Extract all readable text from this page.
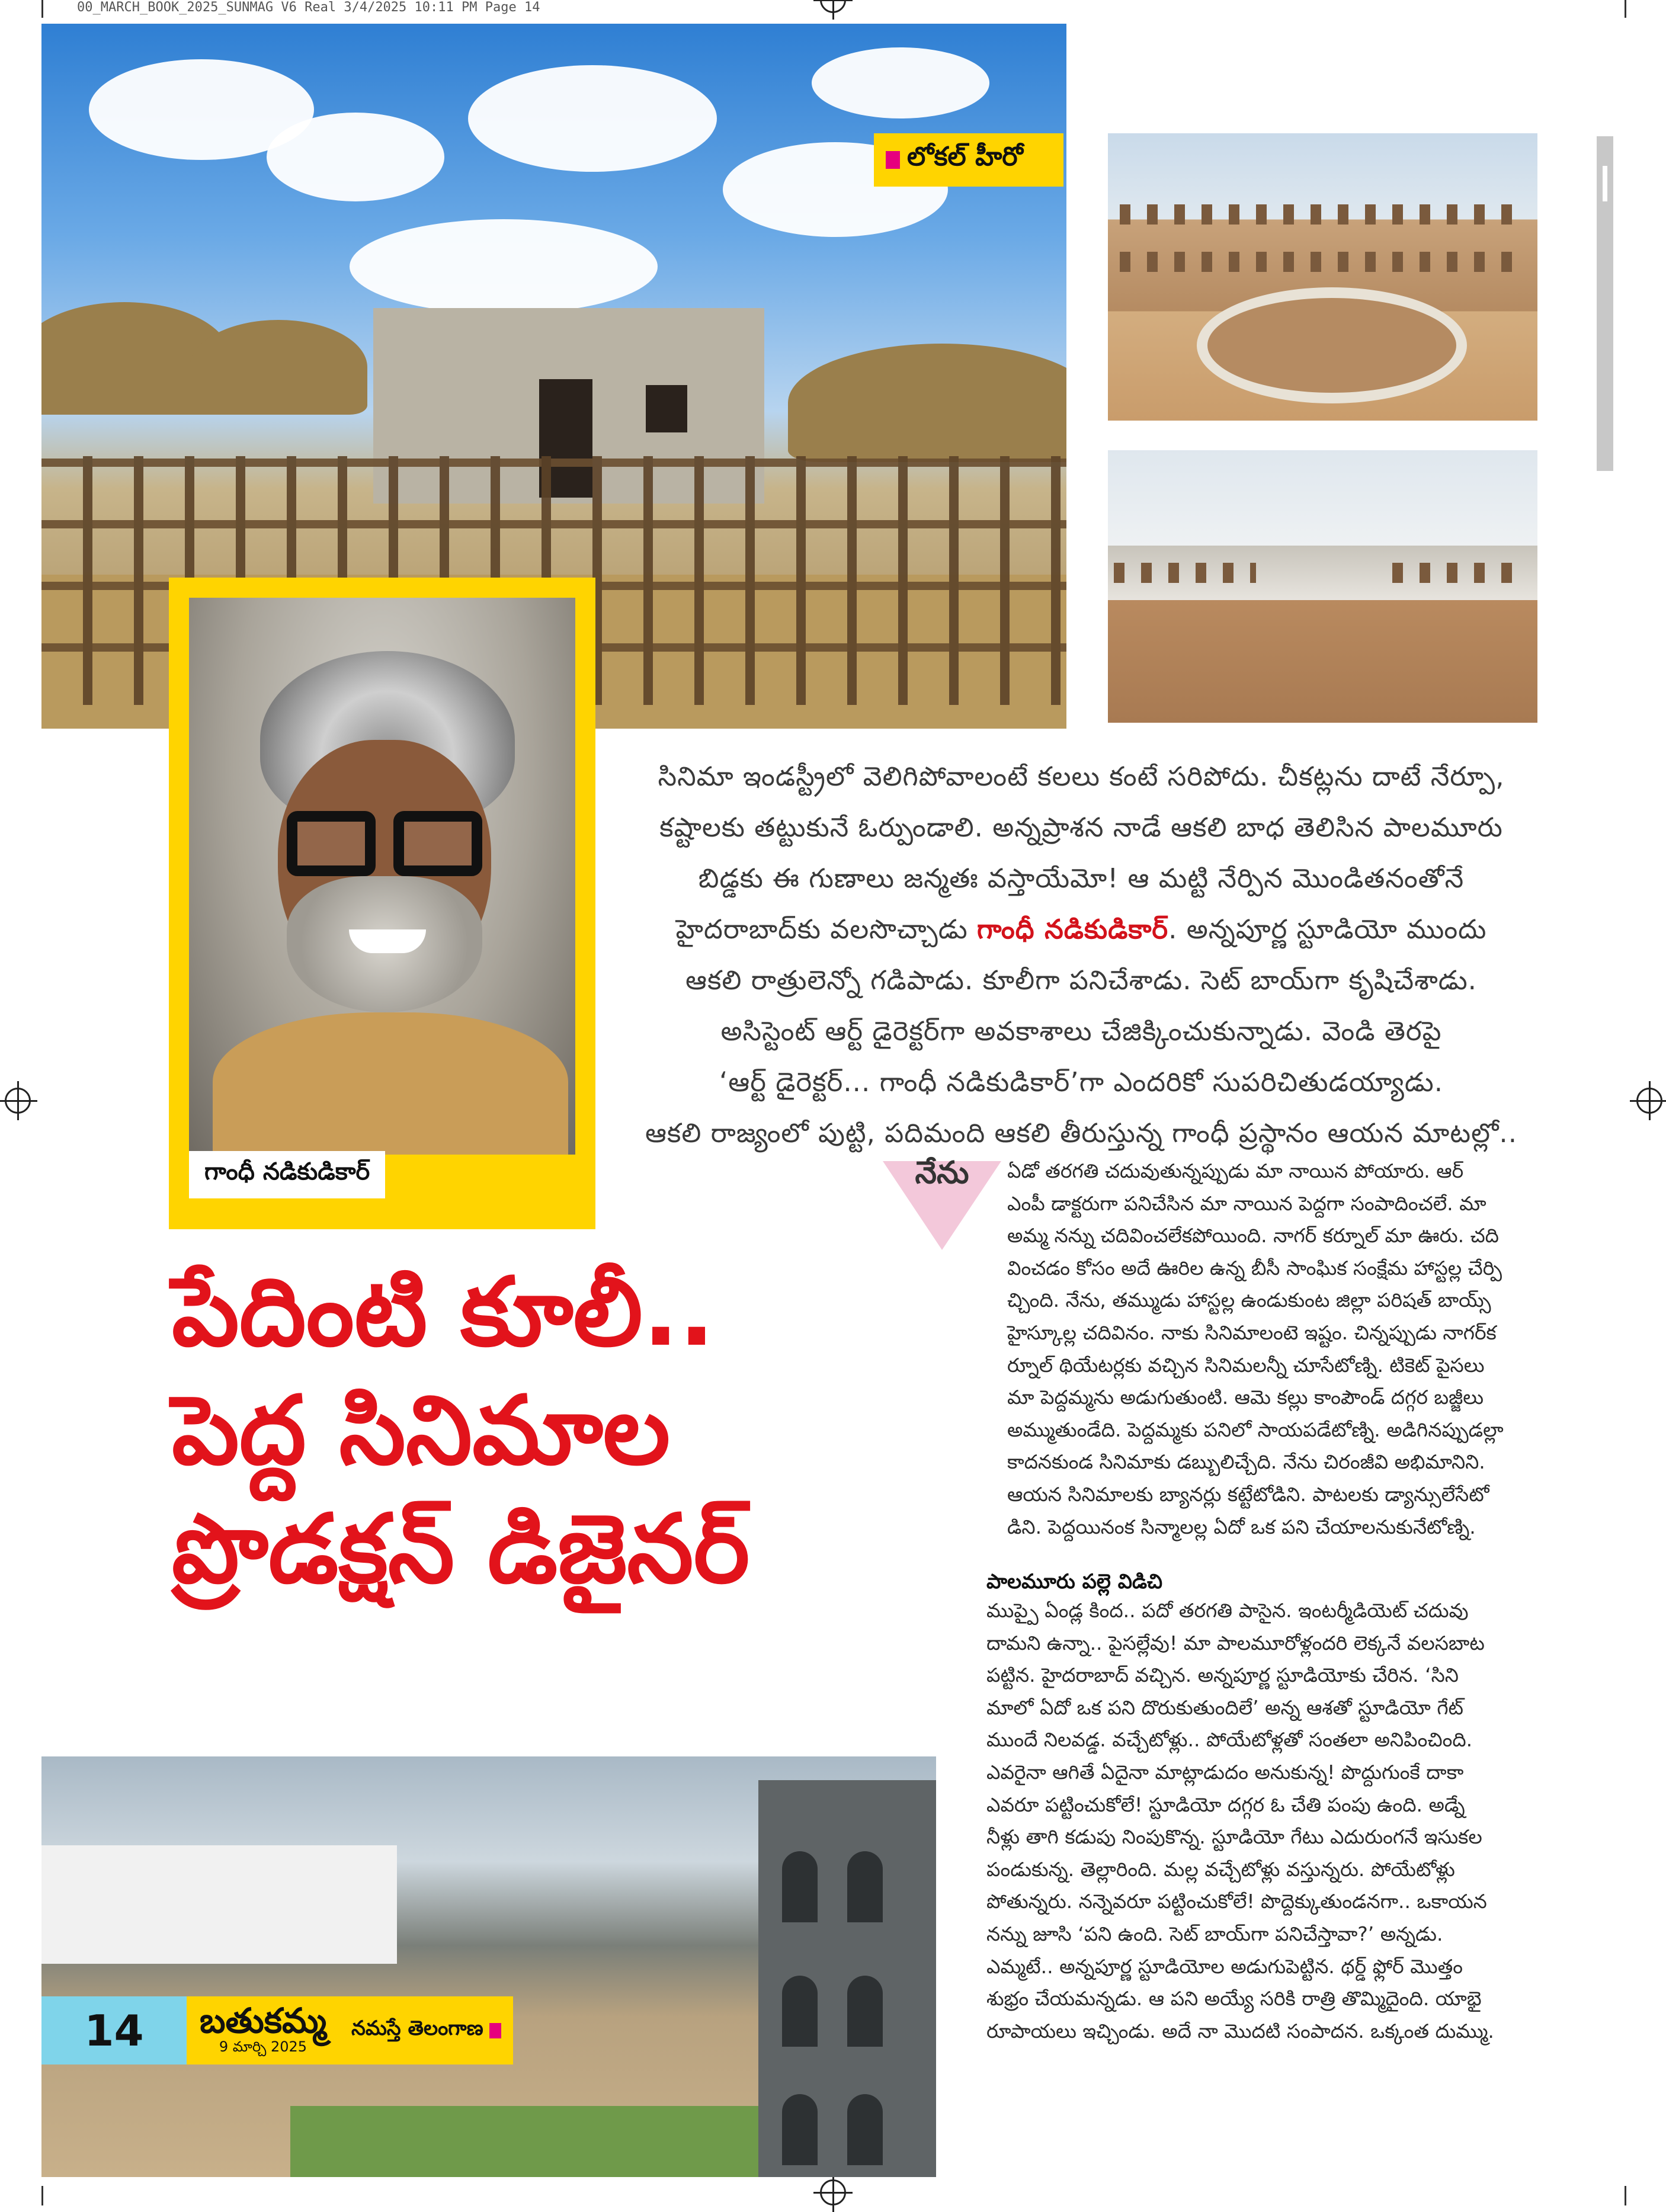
00_MARCH_BOOK_2025_SUNMAG V6 Real 3/4/2025 10:11 PM Page 14
లోకల్ హీరో
గాంధీ నడికుడికార్

సినిమా ఇండస్ట్రీలో వెలిగిపోవాలంటే కలలు కంటే సరిపోదు. చీకట్లను దాటే నేర్పూ,

కష్టాలకు తట్టుకునే ఓర్పుండాలి. అన్నప్రాశన నాడే ఆకలి బాధ తెలిసిన పాలమూరు

బిడ్డకు ఈ గుణాలు జన్మతః వస్తాయేమో! ఆ మట్టి నేర్పిన మొండితనంతోనే

హైదరాబాద్‌కు వలసొచ్చాడు గాంధీ నడికుడికార్. అన్నపూర్ణ స్టూడియో ముందు

ఆకలి రాత్రులెన్నో గడిపాడు. కూలీగా పనిచేశాడు. సెట్ బాయ్‌గా కృషిచేశాడు.

అసిస్టెంట్ ఆర్ట్ డైరెక్టర్‌గా అవకాశాలు చేజిక్కించుకున్నాడు. వెండి తెరపై

‘ఆర్ట్ డైరెక్టర్... గాంధీ నడికుడికార్’గా ఎందరికో సుపరిచితుడయ్యాడు.

ఆకలి రాజ్యంలో పుట్టి, పదిమంది ఆకలి తీరుస్తున్న గాంధీ ప్రస్థానం ఆయన మాటల్లో..

పేదింటి కూలీ..
పెద్ద సినిమాల
ప్రొడక్షన్ డిజైనర్
నేను ఏడో తరగతి చదువుతున్నప్పుడు మా నాయిన పోయారు. ఆర్

ఎంపీ డాక్టరుగా పనిచేసిన మా నాయిన పెద్దగా సంపాదించలే. మా

అమ్మ నన్ను చదివించలేకపోయింది. నాగర్ కర్నూల్ మా ఊరు. చది

వించడం కోసం అదే ఊరిల ఉన్న బీసీ సాంఘిక సంక్షేమ హాస్టల్ల చేర్పి

చ్చింది. నేను, తమ్ముడు హాస్టల్ల ఉండుకుంట జిల్లా పరిషత్ బాయ్స్

హైస్కూల్ల చదివినం. నాకు సినిమాలంటె ఇష్టం. చిన్నప్పుడు నాగర్‌క

ర్నూల్ థియేటర్లకు వచ్చిన సినిమలన్నీ చూసేటోణ్ని. టికెట్ పైసలు

మా పెద్దమ్మను అడుగుతుంటి. ఆమె కల్లు కాంపౌండ్ దగ్గర బజ్జీలు

అమ్ముతుండేది. పెద్దమ్మకు పనిలో సాయపడేటోణ్ని. అడిగినప్పుడల్లా

కాదనకుండ సినిమాకు డబ్బులిచ్చేది. నేను చిరంజీవి అభిమానిని.

ఆయన సినిమాలకు బ్యానర్లు కట్టేటోడిని. పాటలకు డ్యాన్సులేసేటో

డిని. పెద్దయినంక సిన్మాలల్ల ఏదో ఒక పని చేయాలనుకునేటోణ్ని.

పాలమూరు పల్లె విడిచి

ముప్పై ఏండ్ల కింద.. పదో తరగతి పాసైన. ఇంటర్మీడియెట్ చదువు

దామని ఉన్నా.. పైసల్లేవు! మా పాలమూరోళ్లందరి లెక్కనే వలసబాట

పట్టిన. హైదరాబాద్ వచ్చిన. అన్నపూర్ణ స్టూడియోకు చేరిన. ‘సిని

మాలో ఏదో ఒక పని దొరుకుతుందిలే’ అన్న ఆశతో స్టూడియో గేట్

ముందే నిలవడ్డ. వచ్చేటోళ్లు.. పోయేటోళ్లతో సంతలా అనిపించింది.

ఎవరైనా ఆగితే ఏదైనా మాట్లాడుదం అనుకున్న! పొద్దుగుంకే దాకా

ఎవరూ పట్టించుకోలే! స్టూడియో దగ్గర ఓ చేతి పంపు ఉంది. అడ్నే

నీళ్లు తాగి కడుపు నింపుకొన్న. స్టూడియో గేటు ఎదురుంగనే ఇసుకల

పండుకున్న. తెల్లారింది. మల్ల వచ్చేటోళ్లు వస్తున్నరు. పోయేటోళ్లు

పోతున్నరు. నన్నెవరూ పట్టించుకోలే! పొద్దెక్కుతుండనగా.. ఒకాయన

నన్ను జూసి ‘పని ఉంది. సెట్ బాయ్‌గా పనిచేస్తావా?’ అన్నడు.

ఎమ్మటే.. అన్నపూర్ణ స్టూడియోల అడుగుపెట్టిన. థర్డ్ ఫ్లోర్ మొత్తం

శుభ్రం చేయమన్నడు. ఆ పని అయ్యే సరికి రాత్రి తొమ్మిదైంది. యాభై

రూపాయలు ఇచ్చిండు. అదే నా మొదటి సంపాదన. ఒక్కంత దుమ్ము.

14	బతుకమ్మ
9 మార్చి 2025
నమస్తే తెలంగాణ
